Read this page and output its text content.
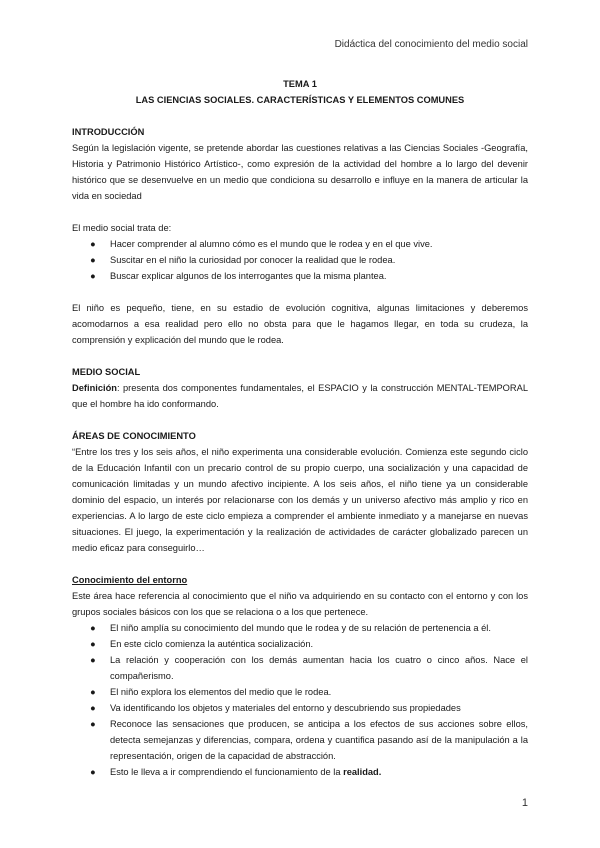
Didáctica del conocimiento del medio social
TEMA 1
LAS CIENCIAS SOCIALES. CARACTERÍSTICAS Y ELEMENTOS COMUNES
INTRODUCCIÓN
Según la legislación vigente, se pretende abordar las cuestiones relativas a las Ciencias Sociales -Geografía, Historia y Patrimonio Histórico Artístico-, como expresión de la actividad del hombre a lo largo del devenir histórico que se desenvuelve en un medio que condiciona su desarrollo e influye en la manera de articular la vida en sociedad
El medio social trata de:
● Hacer comprender al alumno cómo es el mundo que le rodea y en el que vive.
● Suscitar en el niño la curiosidad por conocer la realidad que le rodea.
● Buscar explicar algunos de los interrogantes que la misma plantea.
El niño es pequeño, tiene, en su estadio de evolución cognitiva, algunas limitaciones y deberemos acomodarnos a esa realidad pero ello no obsta para que le hagamos llegar, en toda su crudeza, la comprensión y explicación del mundo que le rodea.
MEDIO SOCIAL
Definición: presenta dos componentes fundamentales, el ESPACIO y la construcción MENTAL-TEMPORAL que el hombre ha ido conformando.
ÁREAS DE CONOCIMIENTO
“Entre los tres y los seis años, el niño experimenta una considerable evolución. Comienza este segundo ciclo de la Educación Infantil con un precario control de su propio cuerpo, una socialización y una capacidad de comunicación limitadas y un mundo afectivo incipiente. A los seis años, el niño tiene ya un considerable dominio del espacio, un interés por relacionarse con los demás y un universo afectivo más amplio y rico en experiencias. A lo largo de este ciclo empieza a comprender el ambiente inmediato y a manejarse en nuevas situaciones. El juego, la experimentación y la realización de actividades de carácter globalizado parecen un medio eficaz para conseguirlo…
Conocimiento del entorno
Este área hace referencia al conocimiento que el niño va adquiriendo en su contacto con el entorno y con los grupos sociales básicos con los que se relaciona o a los que pertenece.
● El niño amplía su conocimiento del mundo que le rodea y de su relación de pertenencia a él.
● En este ciclo comienza la auténtica socialización.
● La relación y cooperación con los demás aumentan hacia los cuatro o cinco años. Nace el compañerismo.
● El niño explora los elementos del medio que le rodea.
● Va identificando los objetos y materiales del entorno y descubriendo sus propiedades
● Reconoce las sensaciones que producen, se anticipa a los efectos de sus acciones sobre ellos, detecta semejanzas y diferencias, compara, ordena y cuantifica pasando así de la manipulación a la representación, origen de la capacidad de abstracción.
● Esto le lleva a ir comprendiendo el funcionamiento de la realidad.
1
